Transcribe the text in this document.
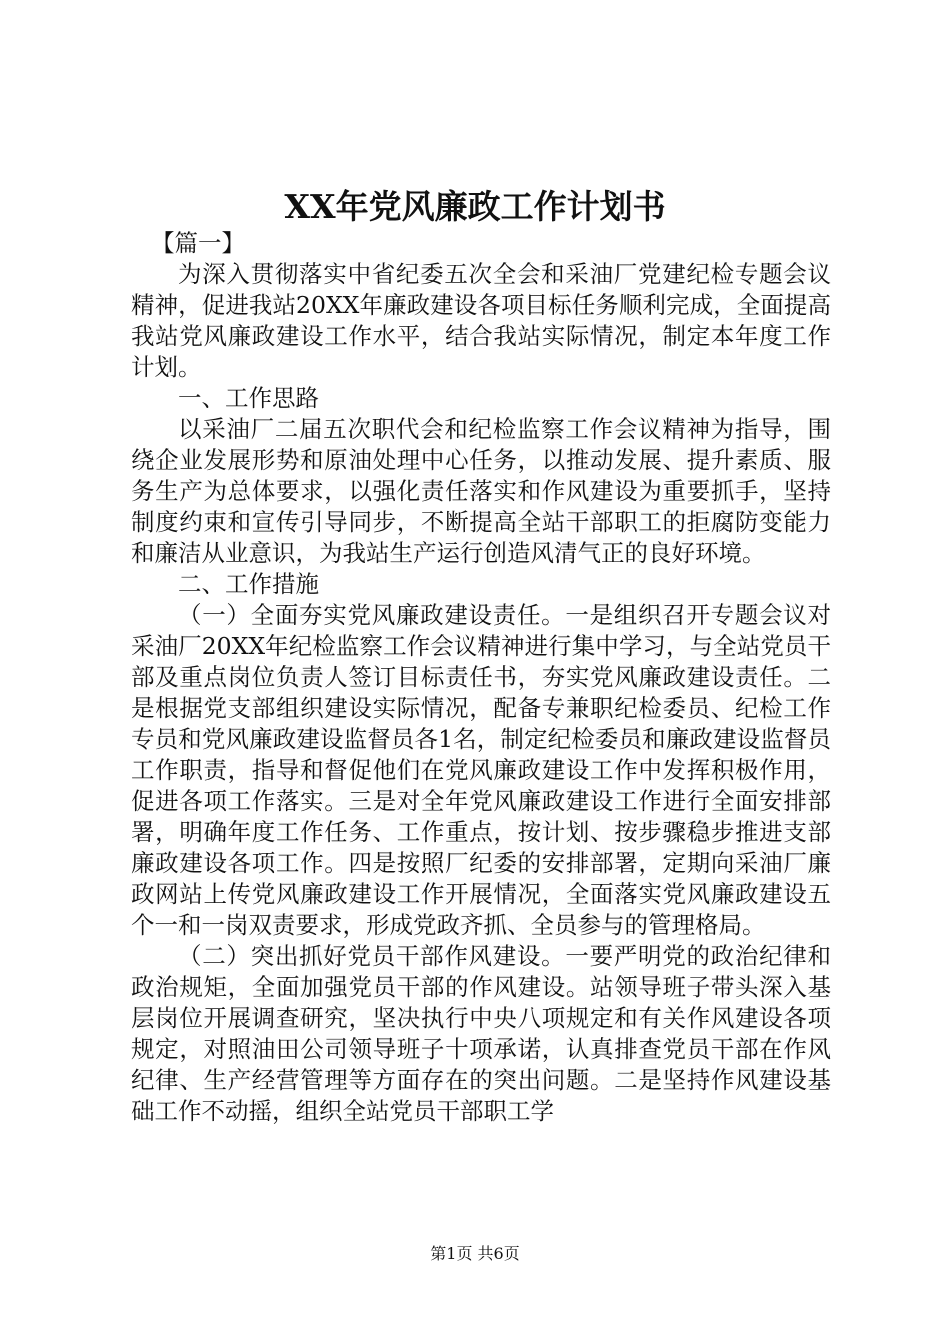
XX年党风廉政工作计划书

【篇一】

为深入贯彻落实中省纪委五次全会和采油厂党建纪检专题会议精神，促进我站20XX年廉政建设各项目标任务顺利完成，全面提高我站党风廉政建设工作水平，结合我站实际情况，制定本年度工作计划。

一、工作思路

以采油厂二届五次职代会和纪检监察工作会议精神为指导，围绕企业发展形势和原油处理中心任务，以推动发展、提升素质、服务生产为总体要求，以强化责任落实和作风建设为重要抓手，坚持制度约束和宣传引导同步，不断提高全站干部职工的拒腐防变能力和廉洁从业意识，为我站生产运行创造风清气正的良好环境。

二、工作措施

（一）全面夯实党风廉政建设责任。一是组织召开专题会议对采油厂20XX年纪检监察工作会议精神进行集中学习，与全站党员干部及重点岗位负责人签订目标责任书，夯实党风廉政建设责任。二是根据党支部组织建设实际情况，配备专兼职纪检委员、纪检工作专员和党风廉政建设监督员各1名，制定纪检委员和廉政建设监督员工作职责，指导和督促他们在党风廉政建设工作中发挥积极作用，促进各项工作落实。三是对全年党风廉政建设工作进行全面安排部署，明确年度工作任务、工作重点，按计划、按步骤稳步推进支部廉政建设各项工作。四是按照厂纪委的安排部署，定期向采油厂廉政网站上传党风廉政建设工作开展情况，全面落实党风廉政建设五个一和一岗双责要求，形成党政齐抓、全员参与的管理格局。

（二）突出抓好党员干部作风建设。一要严明党的政治纪律和政治规矩，全面加强党员干部的作风建设。站领导班子带头深入基层岗位开展调查研究，坚决执行中央八项规定和有关作风建设各项规定，对照油田公司领导班子十项承诺，认真排查党员干部在作风纪律、生产经营管理等方面存在的突出问题。二是坚持作风建设基础工作不动摇，组织全站党员干部职工学

第1页 共6页
